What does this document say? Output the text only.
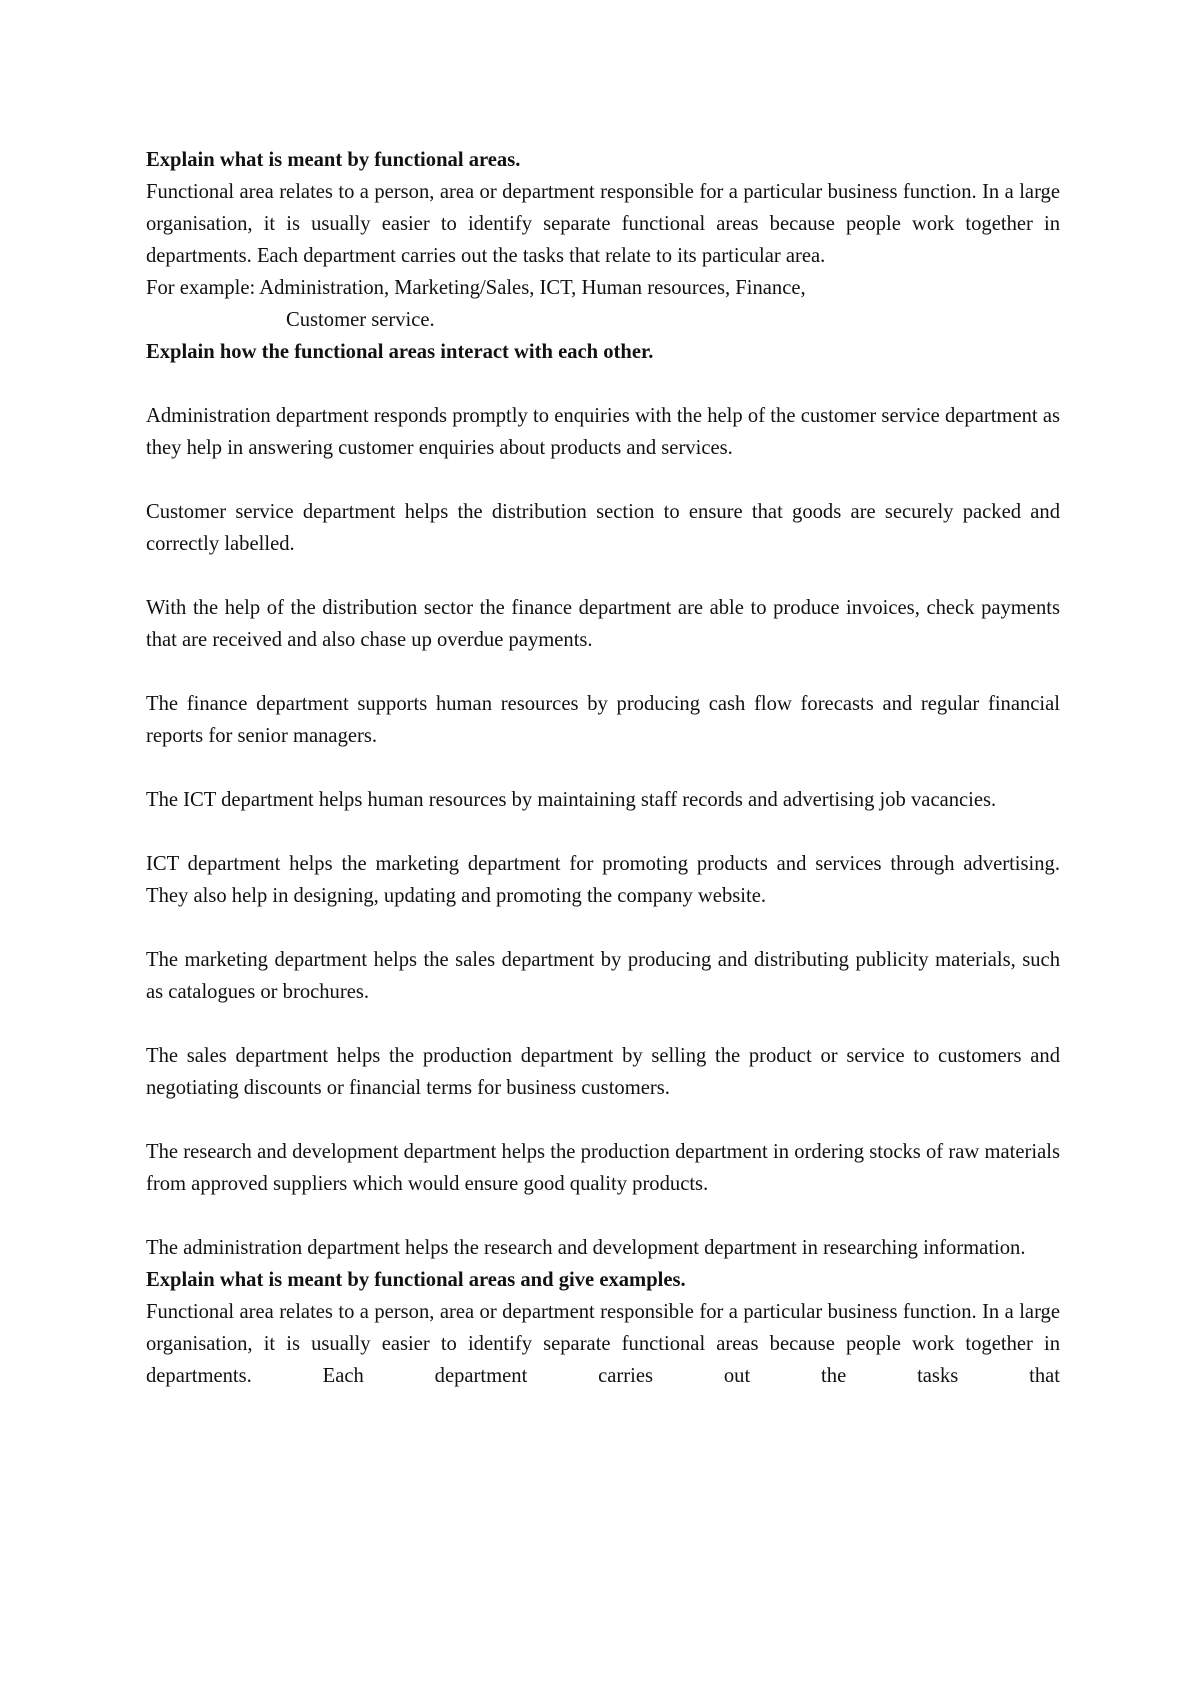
Explain what is meant by functional areas.

Functional area relates to a person, area or department responsible for a particular business function. In a large organisation, it is usually easier to identify separate functional areas because people work together in departments. Each department carries out the tasks that relate to its particular area.

For example: Administration, Marketing/Sales, ICT, Human resources, Finance,

Customer service.

Explain how the functional areas interact with each other.

Administration department responds promptly to enquiries with the help of the customer service department as they help in answering customer enquiries about products and services.

Customer service department helps the distribution section to ensure that goods are securely packed and correctly labelled.

With the help of the distribution sector the finance department are able to produce invoices, check payments that are received and also chase up overdue payments.

The finance department supports human resources by producing cash flow forecasts and regular financial reports for senior managers.

The ICT department helps human resources by maintaining staff records and advertising job vacancies.

ICT department helps the marketing department for promoting products and services through advertising. They also help in designing, updating and promoting the company website.

The marketing department helps the sales department by producing and distributing publicity materials, such as catalogues or brochures.

The sales department helps the production department by selling the product or service to customers and negotiating discounts or financial terms for business customers.

The research and development department helps the production department in ordering stocks of raw materials from approved suppliers which would ensure good quality products.

The administration department helps the research and development department in researching information.

Explain what is meant by functional areas and give examples.

Functional area relates to a person, area or department responsible for a particular business function. In a large organisation, it is usually easier to identify separate functional areas because people work together in departments. Each department carries out the tasks that
